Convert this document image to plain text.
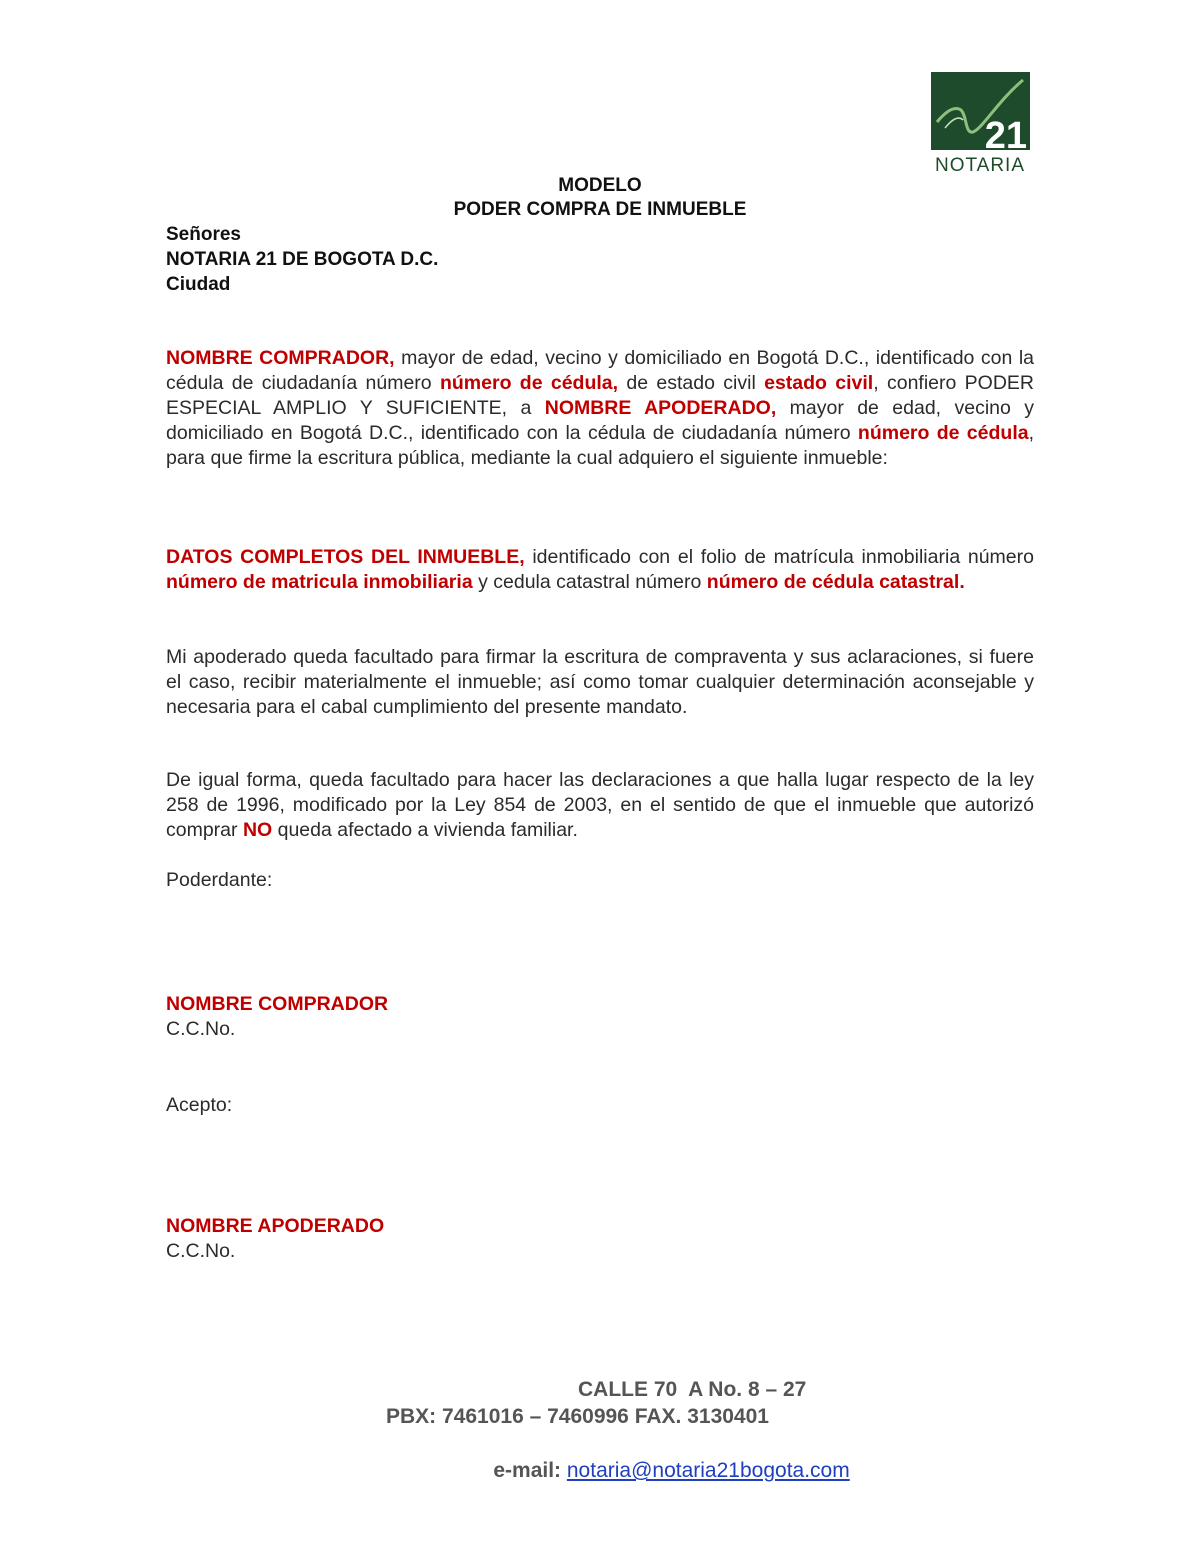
21
NOTARIA
MODELO
PODER COMPRA DE INMUEBLE
Señores
NOTARIA 21 DE BOGOTA D.C.
Ciudad
NOMBRE COMPRADOR, mayor de edad, vecino y domiciliado en Bogotá D.C., identificado con la cédula de ciudadanía número número de cédula, de estado civil estado civil, confiero PODER ESPECIAL AMPLIO Y SUFICIENTE, a NOMBRE APODERADO, mayor de edad, vecino y domiciliado en Bogotá D.C., identificado con la cédula de ciudadanía número número de cédula, para que firme la escritura pública, mediante la cual adquiero el siguiente inmueble:
DATOS COMPLETOS DEL INMUEBLE, identificado con el folio de matrícula inmobiliaria número número de matricula inmobiliaria y cedula catastral número número de cédula catastral.
Mi apoderado queda facultado para firmar la escritura de compraventa y sus aclaraciones, si fuere el caso, recibir materialmente el inmueble; así como tomar cualquier determinación aconsejable y necesaria para el cabal cumplimiento del presente mandato.
De igual forma, queda facultado para hacer las declaraciones a que halla lugar respecto de la ley 258 de 1996, modificado por la Ley 854 de 2003, en el sentido de que el inmueble que autorizó comprar NO queda afectado a vivienda familiar.
Poderdante:
NOMBRE COMPRADOR
C.C.No.
Acepto:
NOMBRE APODERADO
C.C.No.
CALLE 70  A No. 8 – 27
PBX: 7461016 – 7460996 FAX. 3130401

e-mail: notaria@notaria21bogota.com
